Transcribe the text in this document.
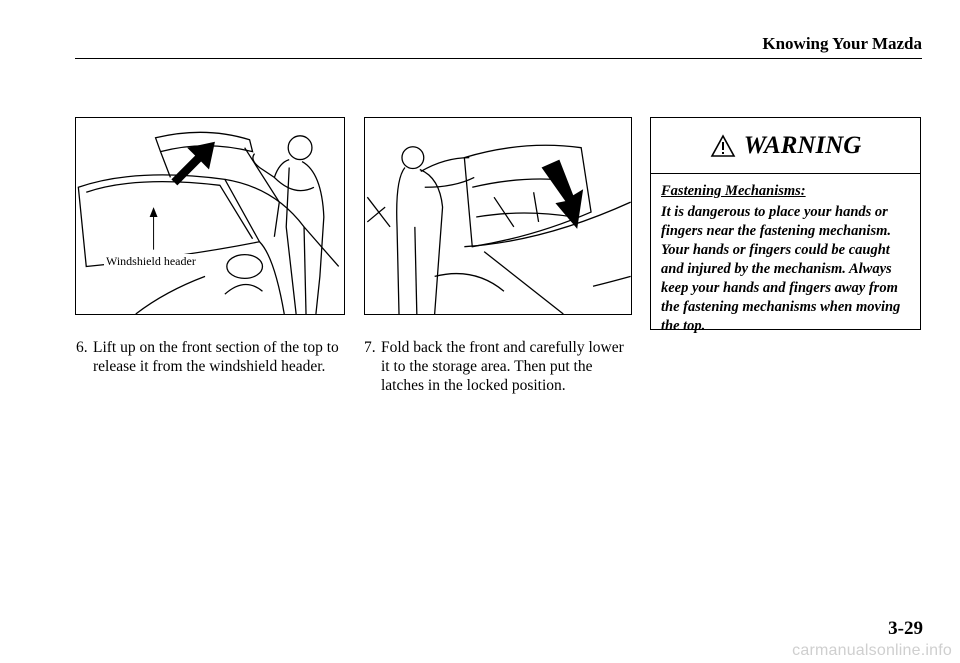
Knowing Your Mazda
Windshield header
6. Lift up on the front section of the top to release it from the windshield header.
7. Fold back the front and carefully lower it to the storage area. Then put the latches in the locked position.
WARNING
Fastening Mechanisms:
It is dangerous to place your hands or fingers near the fastening mechanism. Your hands or fingers could be caught and injured by the mechanism. Always keep your hands and fingers away from the fastening mechanisms when moving the top.
3-29
carmanualsonline.info
